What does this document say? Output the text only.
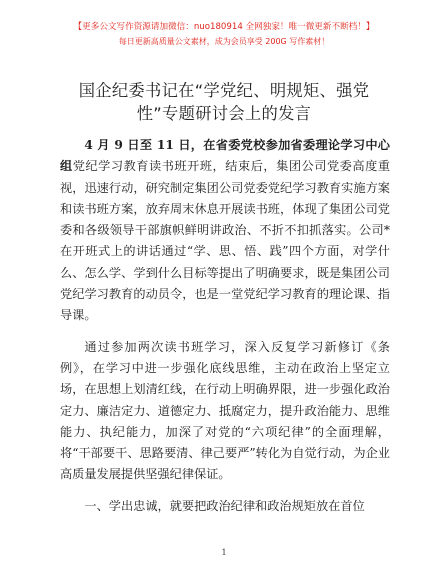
【更多公文写作资源请加微信：nuo180914 全网独家！唯一微更新不断档！】
每日更新高质量公文素材，成为会员享受 200G 写作素材！
国企纪委书记在“学党纪、明规矩、强党
性”专题研讨会上的发言

4 月 9 日至 11 日，在省委党校参加省委理论学习中心组党纪学习教育读书班开班，结束后，集团公司党委高度重视，迅速行动，研究制定集团公司党委党纪学习教育实施方案和读书班方案，放弃周末休息开展读书班，体现了集团公司党委和各级领导干部旗帜鲜明讲政治、不折不扣抓落实。公司*在开班式上的讲话通过“学、思、悟、践”四个方面，对学什么、怎么学、学到什么目标等提出了明确要求，既是集团公司党纪学习教育的动员令，也是一堂党纪学习教育的理论课、指导课。

通过参加两次读书班学习，深入反复学习新修订《条例》，在学习中进一步强化底线思维，主动在政治上坚定立场，在思想上划清红线，在行动上明确界限，进一步强化政治定力、廉洁定力、道德定力、抵腐定力，提升政治能力、思维能力、执纪能力，加深了对党的“六项纪律”的全面理解，将“干部要干、思路要清、律己要严”转化为自觉行动，为企业高质量发展提供坚强纪律保证。

一、学出忠诚，就要把政治纪律和政治规矩放在首位

1
